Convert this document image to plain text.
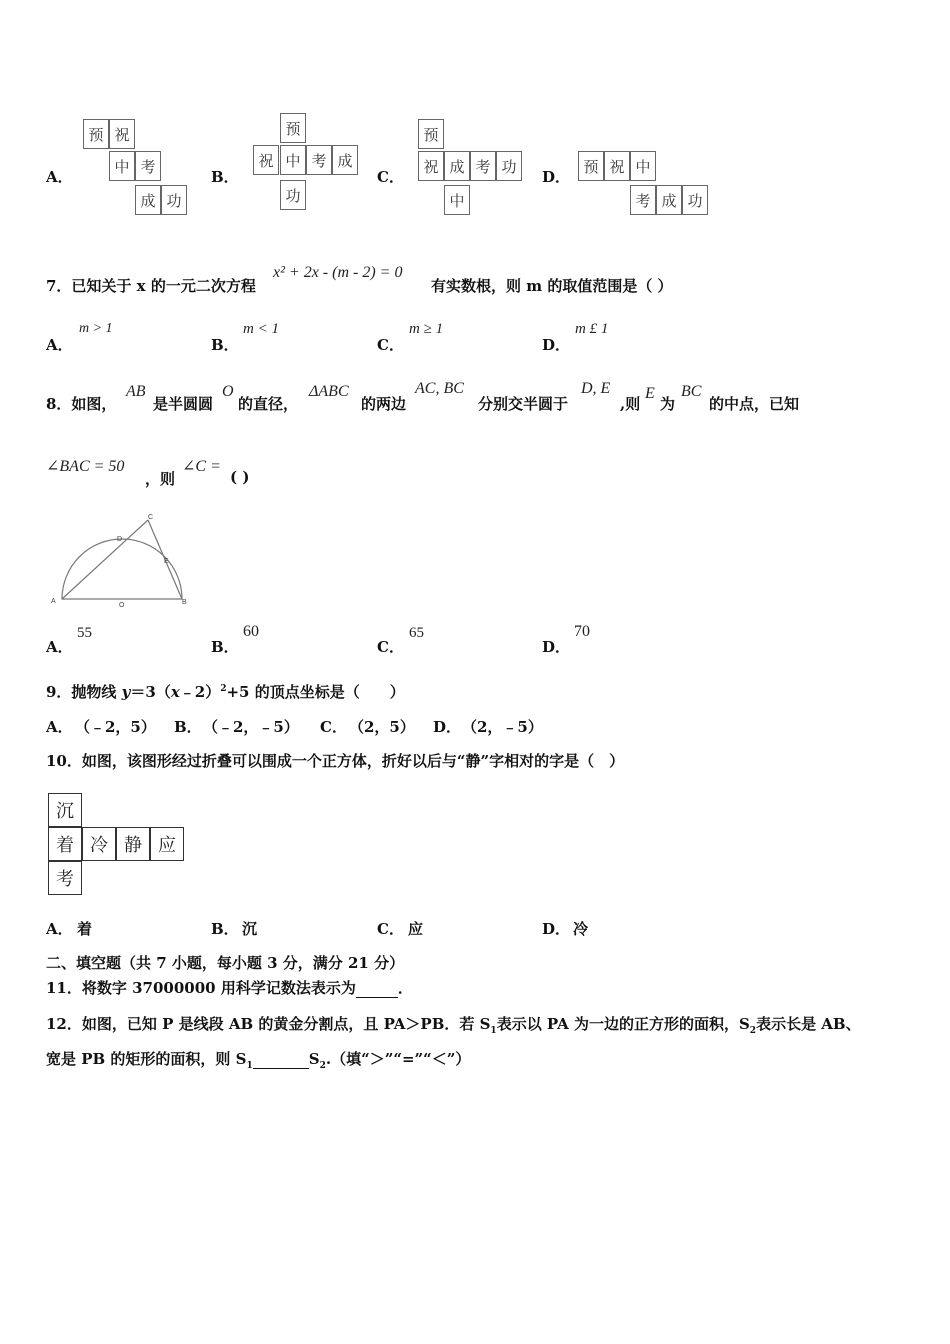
A．
预 祝
中 考
成 功
B．
预
祝 中 考 成
功
C．
预
祝 成 考 功
中
D．
预 祝 中
考 成 功
7．已知关于 x 的一元二次方程
x² + 2x - (m - 2) = 0
有实数根，则 m 的取值范围是（ ）
A．
m > 1
B．
m < 1
C．
m ≥ 1
D．
m £ 1
8．如图，
AB
是半圆圆
O
的直径，
ΔABC
的两边
AC, BC
分别交半圆于
D, E
,则
E
为
BC
的中点，已知
∠BAC = 50
，则
∠C =
( )
A	B
C
D
E
O
A．
55
B．
60
C．
65
D．
70
9．抛物线 y＝3（x﹣2）$^2$+5 的顶点坐标是（　　）
A． （﹣2，5） B． （﹣2，﹣5） C． （2，5） D． （2，﹣5）
10．如图，该图形经过折叠可以围成一个正方体，折好以后与“静”字相对的字是（　）
沉
着 冷 静 应
考
A． 着	B． 沉	C． 应	D． 冷
二、填空题（共 7 小题，每小题 3 分，满分 21 分）
11．将数字 37000000 用科学记数法表示为	．
12．如图，已知 P 是线段 AB 的黄金分割点，且 PA＞PB．若 $S_1$表示以 PA 为一边的正方形的面积，$S_2$表示长是 AB、
宽是 PB 的矩形的面积，则 $S_1$	$S_2$.（填“＞”“=”“＜”）
